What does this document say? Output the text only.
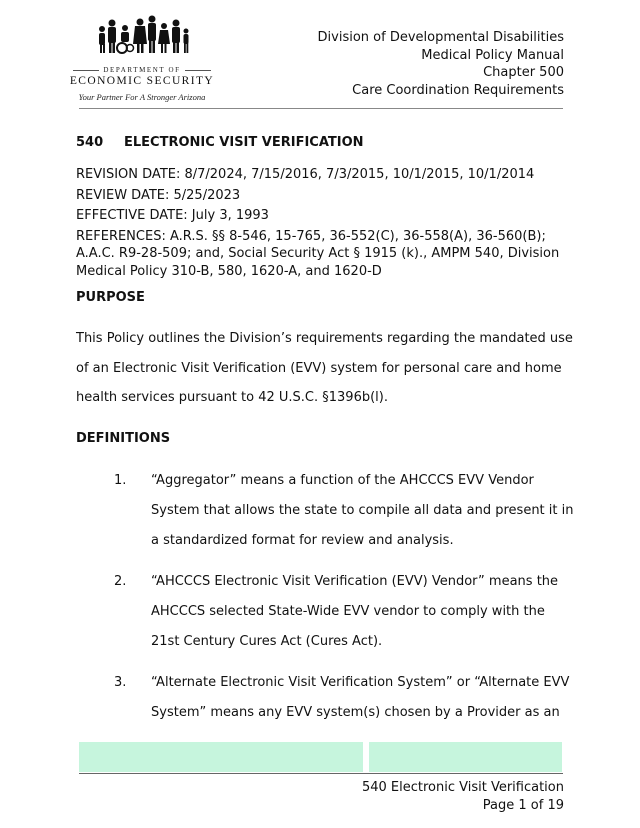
DEPARTMENT OF
ECONOMIC SECURITY
Your Partner For A Stronger Arizona
Division of Developmental Disabilities
Medical Policy Manual
Chapter 500
Care Coordination Requirements
540 ELECTRONIC VISIT VERIFICATION
REVISION DATE: 8/7/2024, 7/15/2016, 7/3/2015, 10/1/2015, 10/1/2014
REVIEW DATE: 5/25/2023
EFFECTIVE DATE: July 3, 1993
REFERENCES: A.R.S. §§ 8-546, 15-765, 36-552(C), 36-558(A), 36-560(B); A.A.C. R9-28-509; and, Social Security Act § 1915 (k)., AMPM 540, Division Medical Policy 310-B, 580, 1620-A, and 1620-D
PURPOSE
This Policy outlines the Division’s requirements regarding the mandated use
of an Electronic Visit Verification (EVV) system for personal care and home
health services pursuant to 42 U.S.C. §1396b(l).
DEFINITIONS
1. “Aggregator” means a function of the AHCCCS EVV Vendor
System that allows the state to compile all data and present it in
a standardized format for review and analysis.
2. “AHCCCS Electronic Visit Verification (EVV) Vendor” means the
AHCCCS selected State-Wide EVV vendor to comply with the
21st Century Cures Act (Cures Act).
3. “Alternate Electronic Visit Verification System” or “Alternate EVV
System” means any EVV system(s) chosen by a Provider as an
540 Electronic Visit Verification
Page 1 of 19
